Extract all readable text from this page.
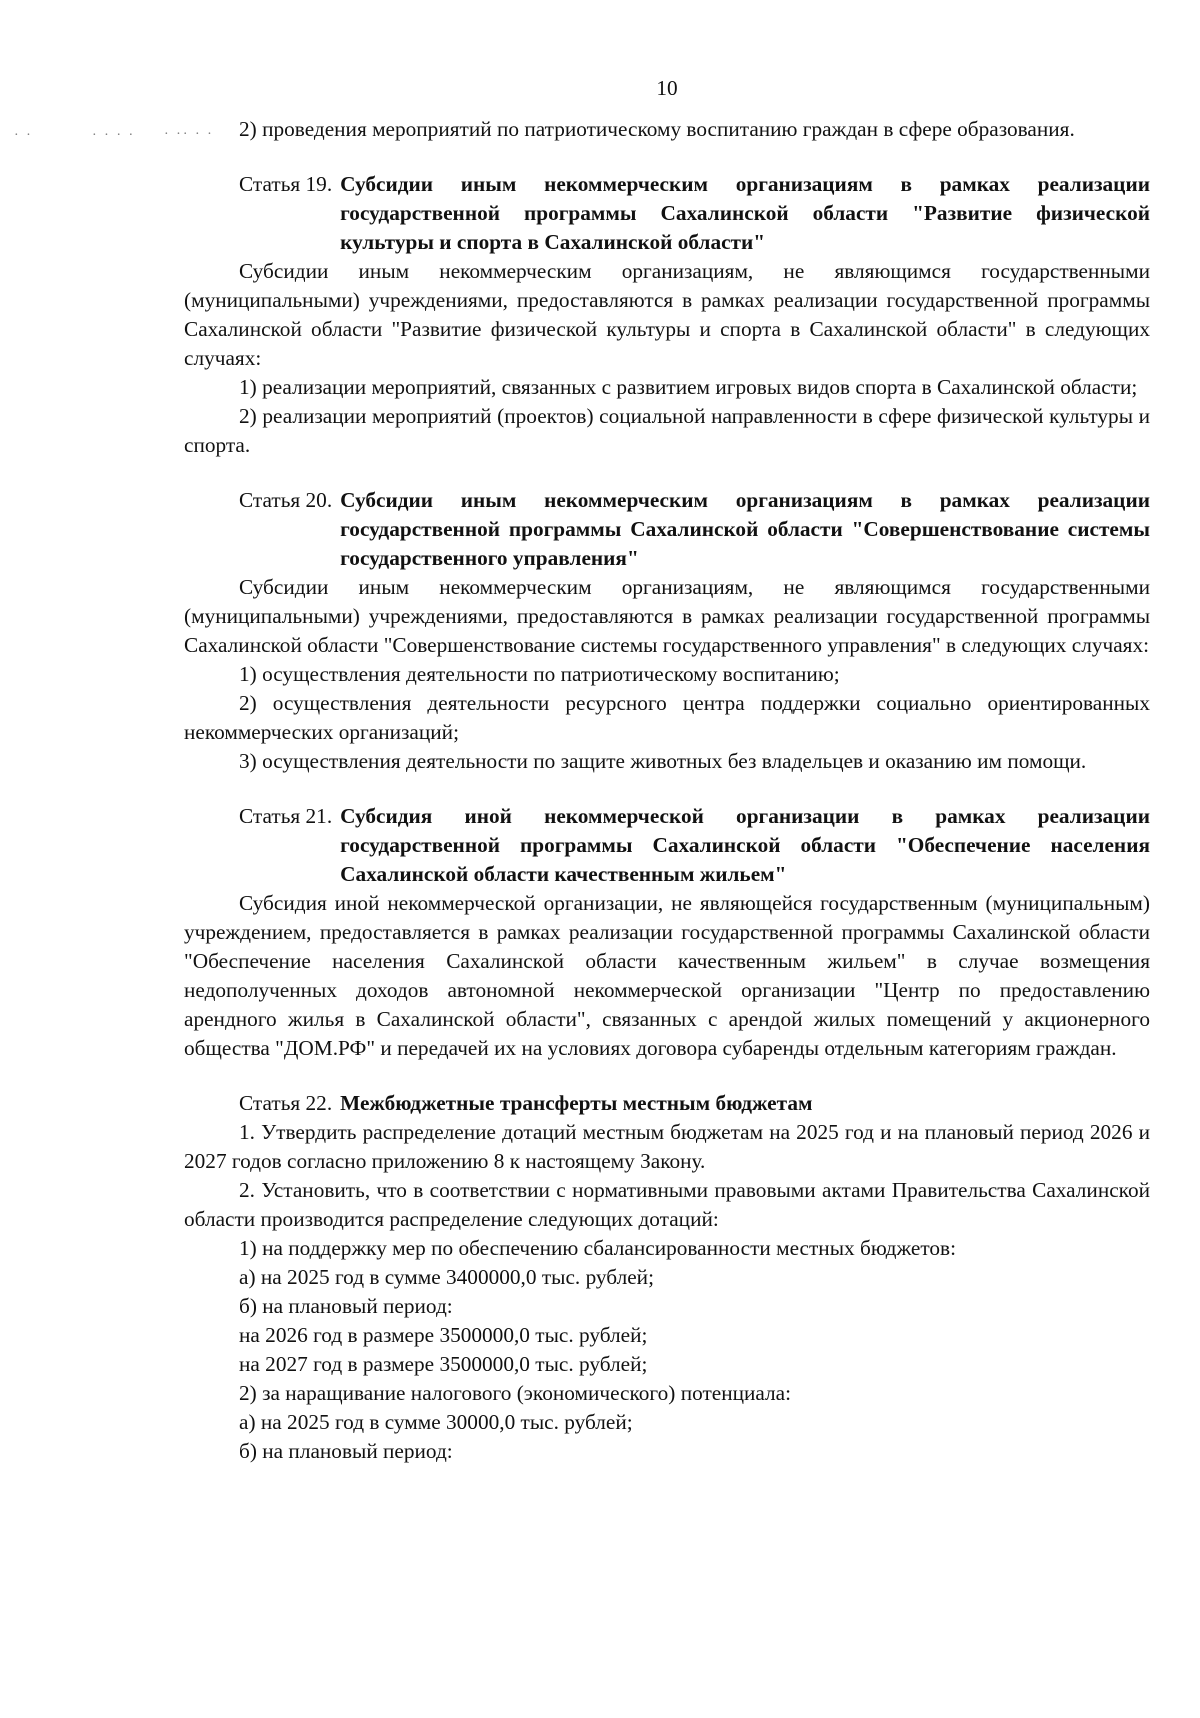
· ·	· · · · · ·· · ·
10

2) проведения мероприятий по патриотическому воспитанию граждан в сфере образования.

Статья 19. Субсидии иным некоммерческим организациям в рамках реализации государственной программы Сахалинской области "Развитие физической культуры и спорта в Сахалинской области"

Субсидии иным некоммерческим организациям, не являющимся государственными (муниципальными) учреждениями, предоставляются в рамках реализации государственной программы Сахалинской области "Развитие физической культуры и спорта в Сахалинской области" в следующих случаях:

1) реализации мероприятий, связанных с развитием игровых видов спорта в Сахалинской области;

2) реализации мероприятий (проектов) социальной направленности в сфере физической культуры и спорта.

Статья 20. Субсидии иным некоммерческим организациям в рамках реализации государственной программы Сахалинской области "Совершенствование системы государственного управления"

Субсидии иным некоммерческим организациям, не являющимся государственными (муниципальными) учреждениями, предоставляются в рамках реализации государственной программы Сахалинской области "Совершенствование системы государственного управления" в следующих случаях:

1) осуществления деятельности по патриотическому воспитанию;

2) осуществления деятельности ресурсного центра поддержки социально ориентированных некоммерческих организаций;

3) осуществления деятельности по защите животных без владельцев и оказанию им помощи.

Статья 21. Субсидия иной некоммерческой организации в рамках реализации государственной программы Сахалинской области "Обеспечение населения Сахалинской области качественным жильем"

Субсидия иной некоммерческой организации, не являющейся государственным (муниципальным) учреждением, предоставляется в рамках реализации государственной программы Сахалинской области "Обеспечение населения Сахалинской области качественным жильем" в случае возмещения недополученных доходов автономной некоммерческой организации "Центр по предоставлению арендного жилья в Сахалинской области", связанных с арендой жилых помещений у акционерного общества "ДОМ.РФ" и передачей их на условиях договора субаренды отдельным категориям граждан.

Статья 22. Межбюджетные трансферты местным бюджетам

1. Утвердить распределение дотаций местным бюджетам на 2025 год и на плановый период 2026 и 2027 годов согласно приложению 8 к настоящему Закону.

2. Установить, что в соответствии с нормативными правовыми актами Правительства Сахалинской области производится распределение следующих дотаций:

1) на поддержку мер по обеспечению сбалансированности местных бюджетов:

а) на 2025 год в сумме 3400000,0 тыс. рублей;

б) на плановый период:

на 2026 год в размере 3500000,0 тыс. рублей;

на 2027 год в размере 3500000,0 тыс. рублей;

2) за наращивание налогового (экономического) потенциала:

а) на 2025 год в сумме 30000,0 тыс. рублей;

б) на плановый период:
